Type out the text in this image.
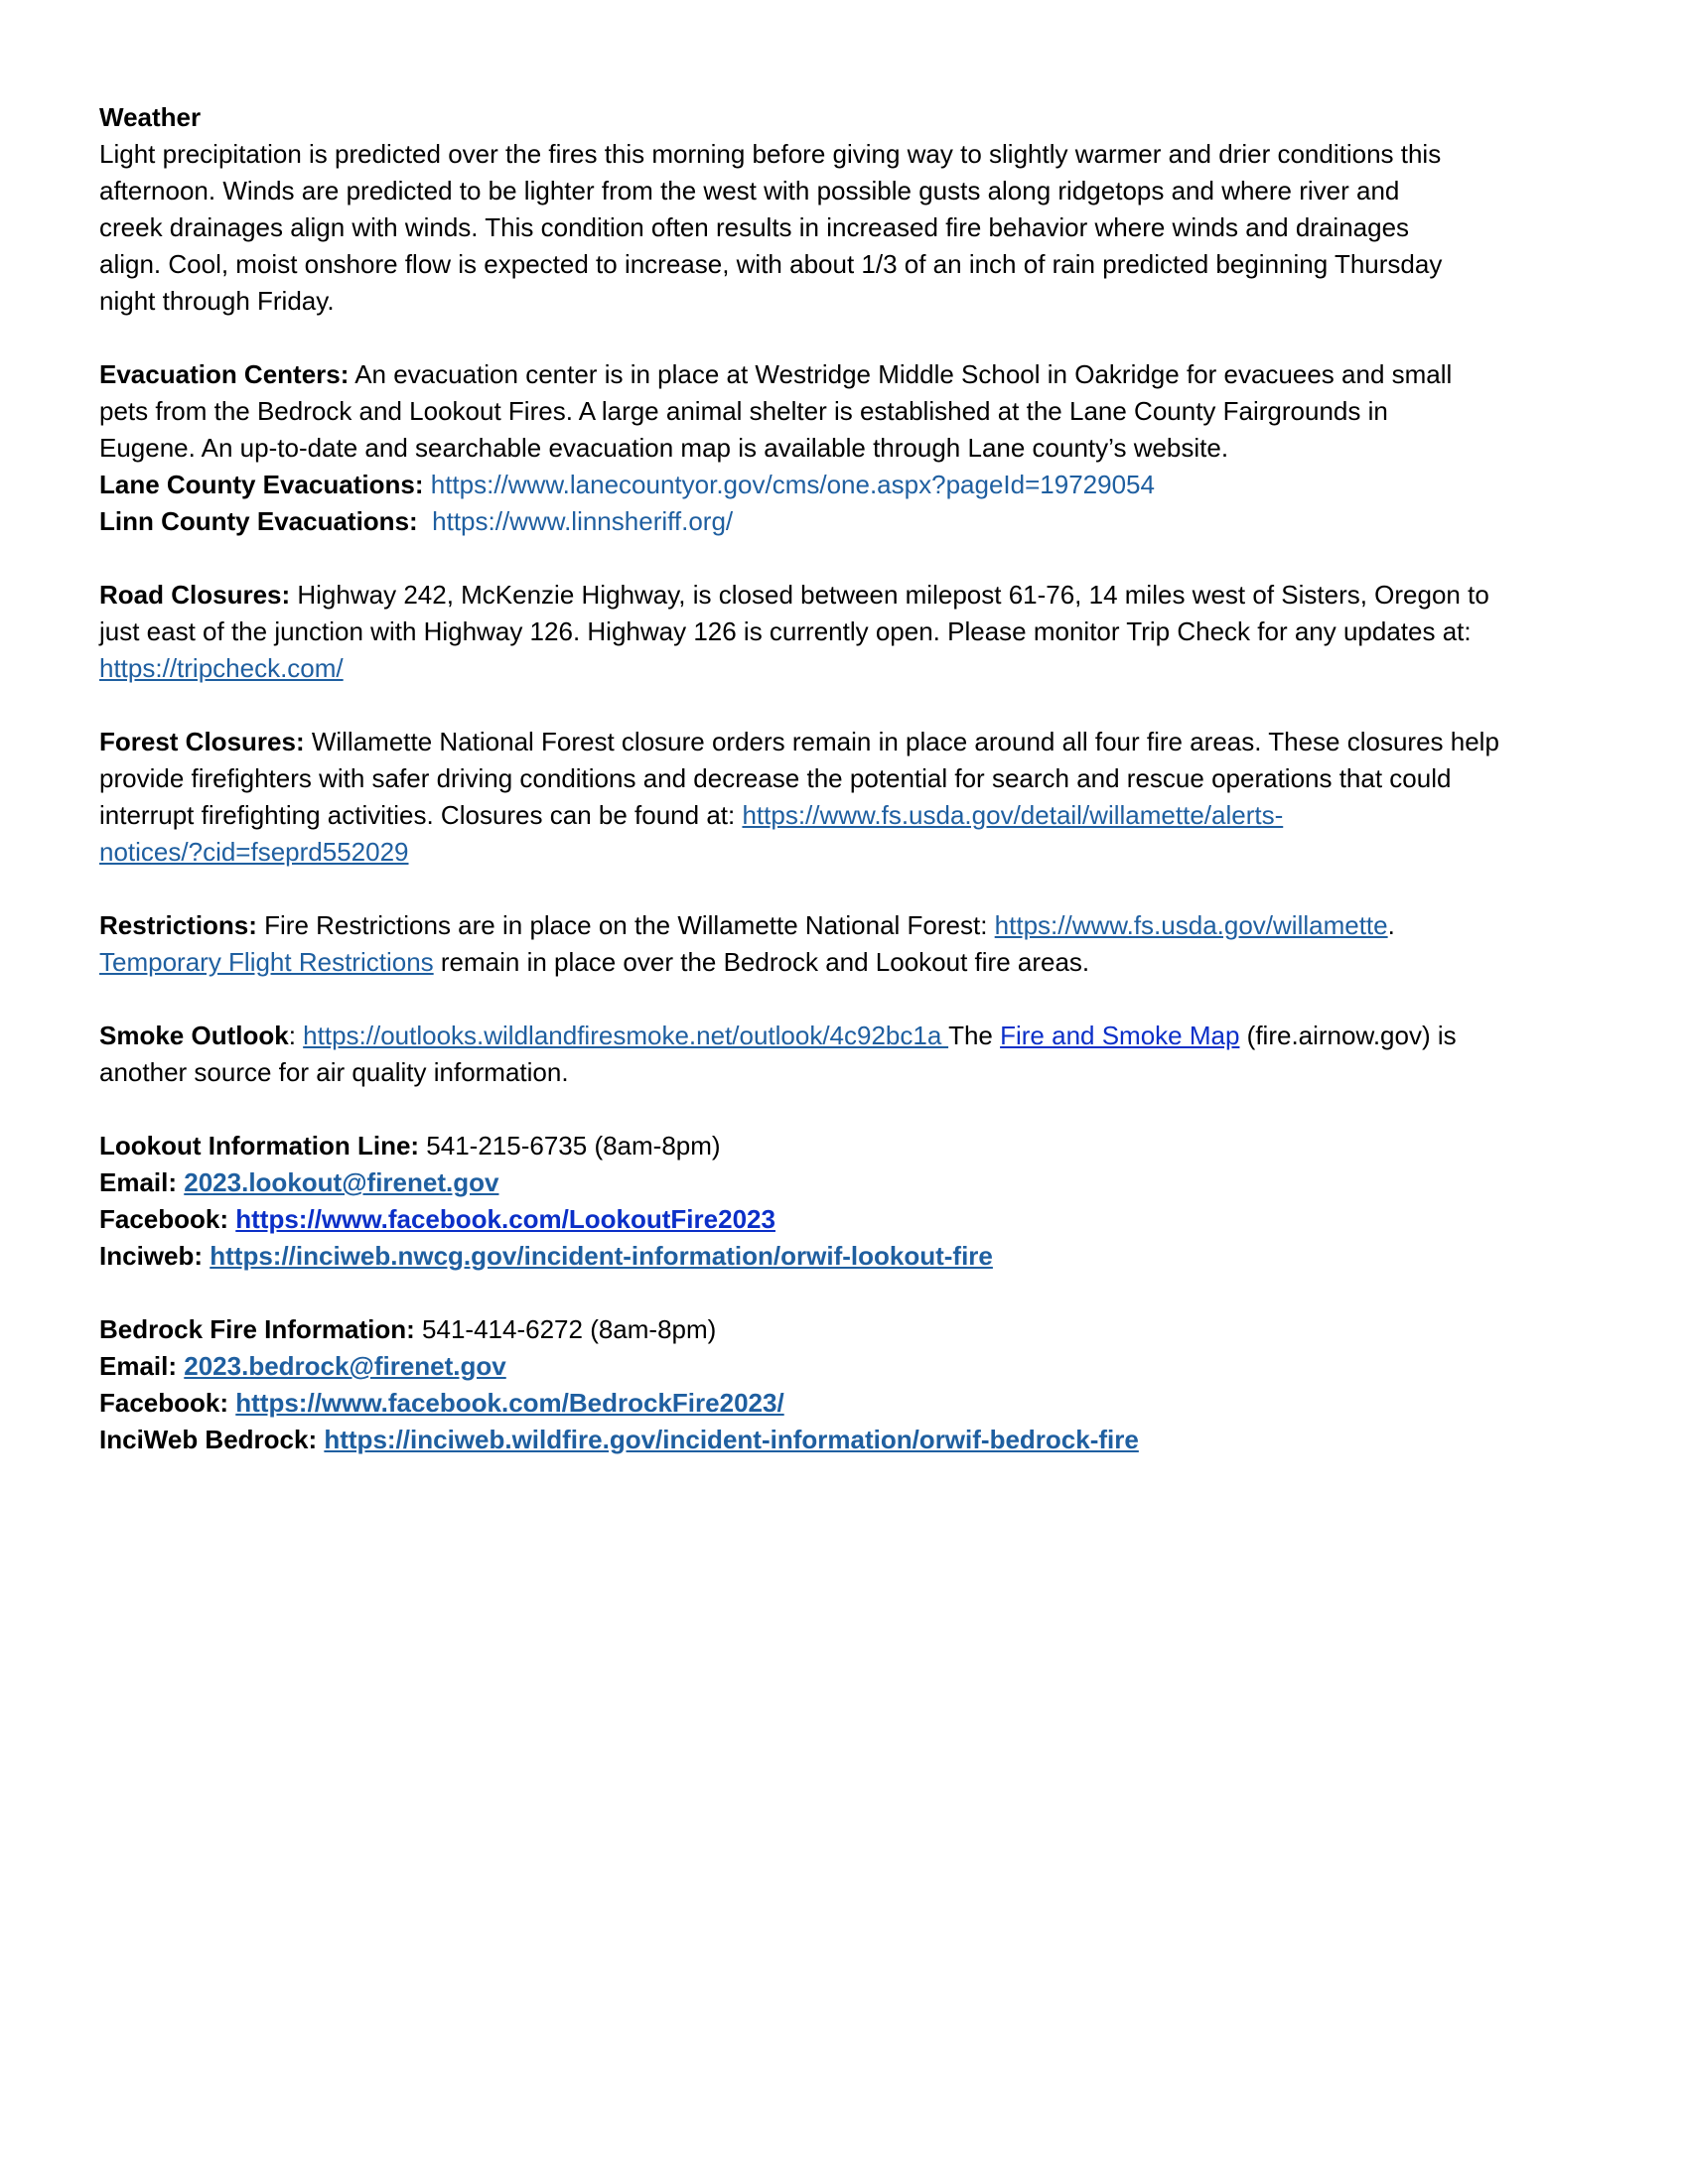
Weather
Light precipitation is predicted over the fires this morning before giving way to slightly warmer and drier conditions this
afternoon. Winds are predicted to be lighter from the west with possible gusts along ridgetops and where river and
creek drainages align with winds. This condition often results in increased fire behavior where winds and drainages
align. Cool, moist onshore flow is expected to increase, with about 1/3 of an inch of rain predicted beginning Thursday
night through Friday.
Evacuation Centers: An evacuation center is in place at Westridge Middle School in Oakridge for evacuees and small
pets from the Bedrock and Lookout Fires. A large animal shelter is established at the Lane County Fairgrounds in
Eugene. An up-to-date and searchable evacuation map is available through Lane county’s website.
Lane County Evacuations: https://www.lanecountyor.gov/cms/one.aspx?pageId=19729054
Linn County Evacuations: https://www.linnsheriff.org/
Road Closures: Highway 242, McKenzie Highway, is closed between milepost 61-76, 14 miles west of Sisters, Oregon to
just east of the junction with Highway 126. Highway 126 is currently open. Please monitor Trip Check for any updates at:
https://tripcheck.com/
Forest Closures: Willamette National Forest closure orders remain in place around all four fire areas. These closures help
provide firefighters with safer driving conditions and decrease the potential for search and rescue operations that could
interrupt firefighting activities. Closures can be found at: https://www.fs.usda.gov/detail/willamette/alerts-
notices/?cid=fseprd552029
Restrictions: Fire Restrictions are in place on the Willamette National Forest: https://www.fs.usda.gov/willamette.
Temporary Flight Restrictions remain in place over the Bedrock and Lookout fire areas.
Smoke Outlook: https://outlooks.wildlandfiresmoke.net/outlook/4c92bc1a The Fire and Smoke Map (fire.airnow.gov) is
another source for air quality information.
Lookout Information Line: 541-215-6735 (8am-8pm)
Email: 2023.lookout@firenet.gov
Facebook: https://www.facebook.com/LookoutFire2023
Inciweb: https://inciweb.nwcg.gov/incident-information/orwif-lookout-fire
Bedrock Fire Information: 541-414-6272 (8am-8pm)
Email: 2023.bedrock@firenet.gov
Facebook: https://www.facebook.com/BedrockFire2023/
InciWeb Bedrock: https://inciweb.wildfire.gov/incident-information/orwif-bedrock-fire
